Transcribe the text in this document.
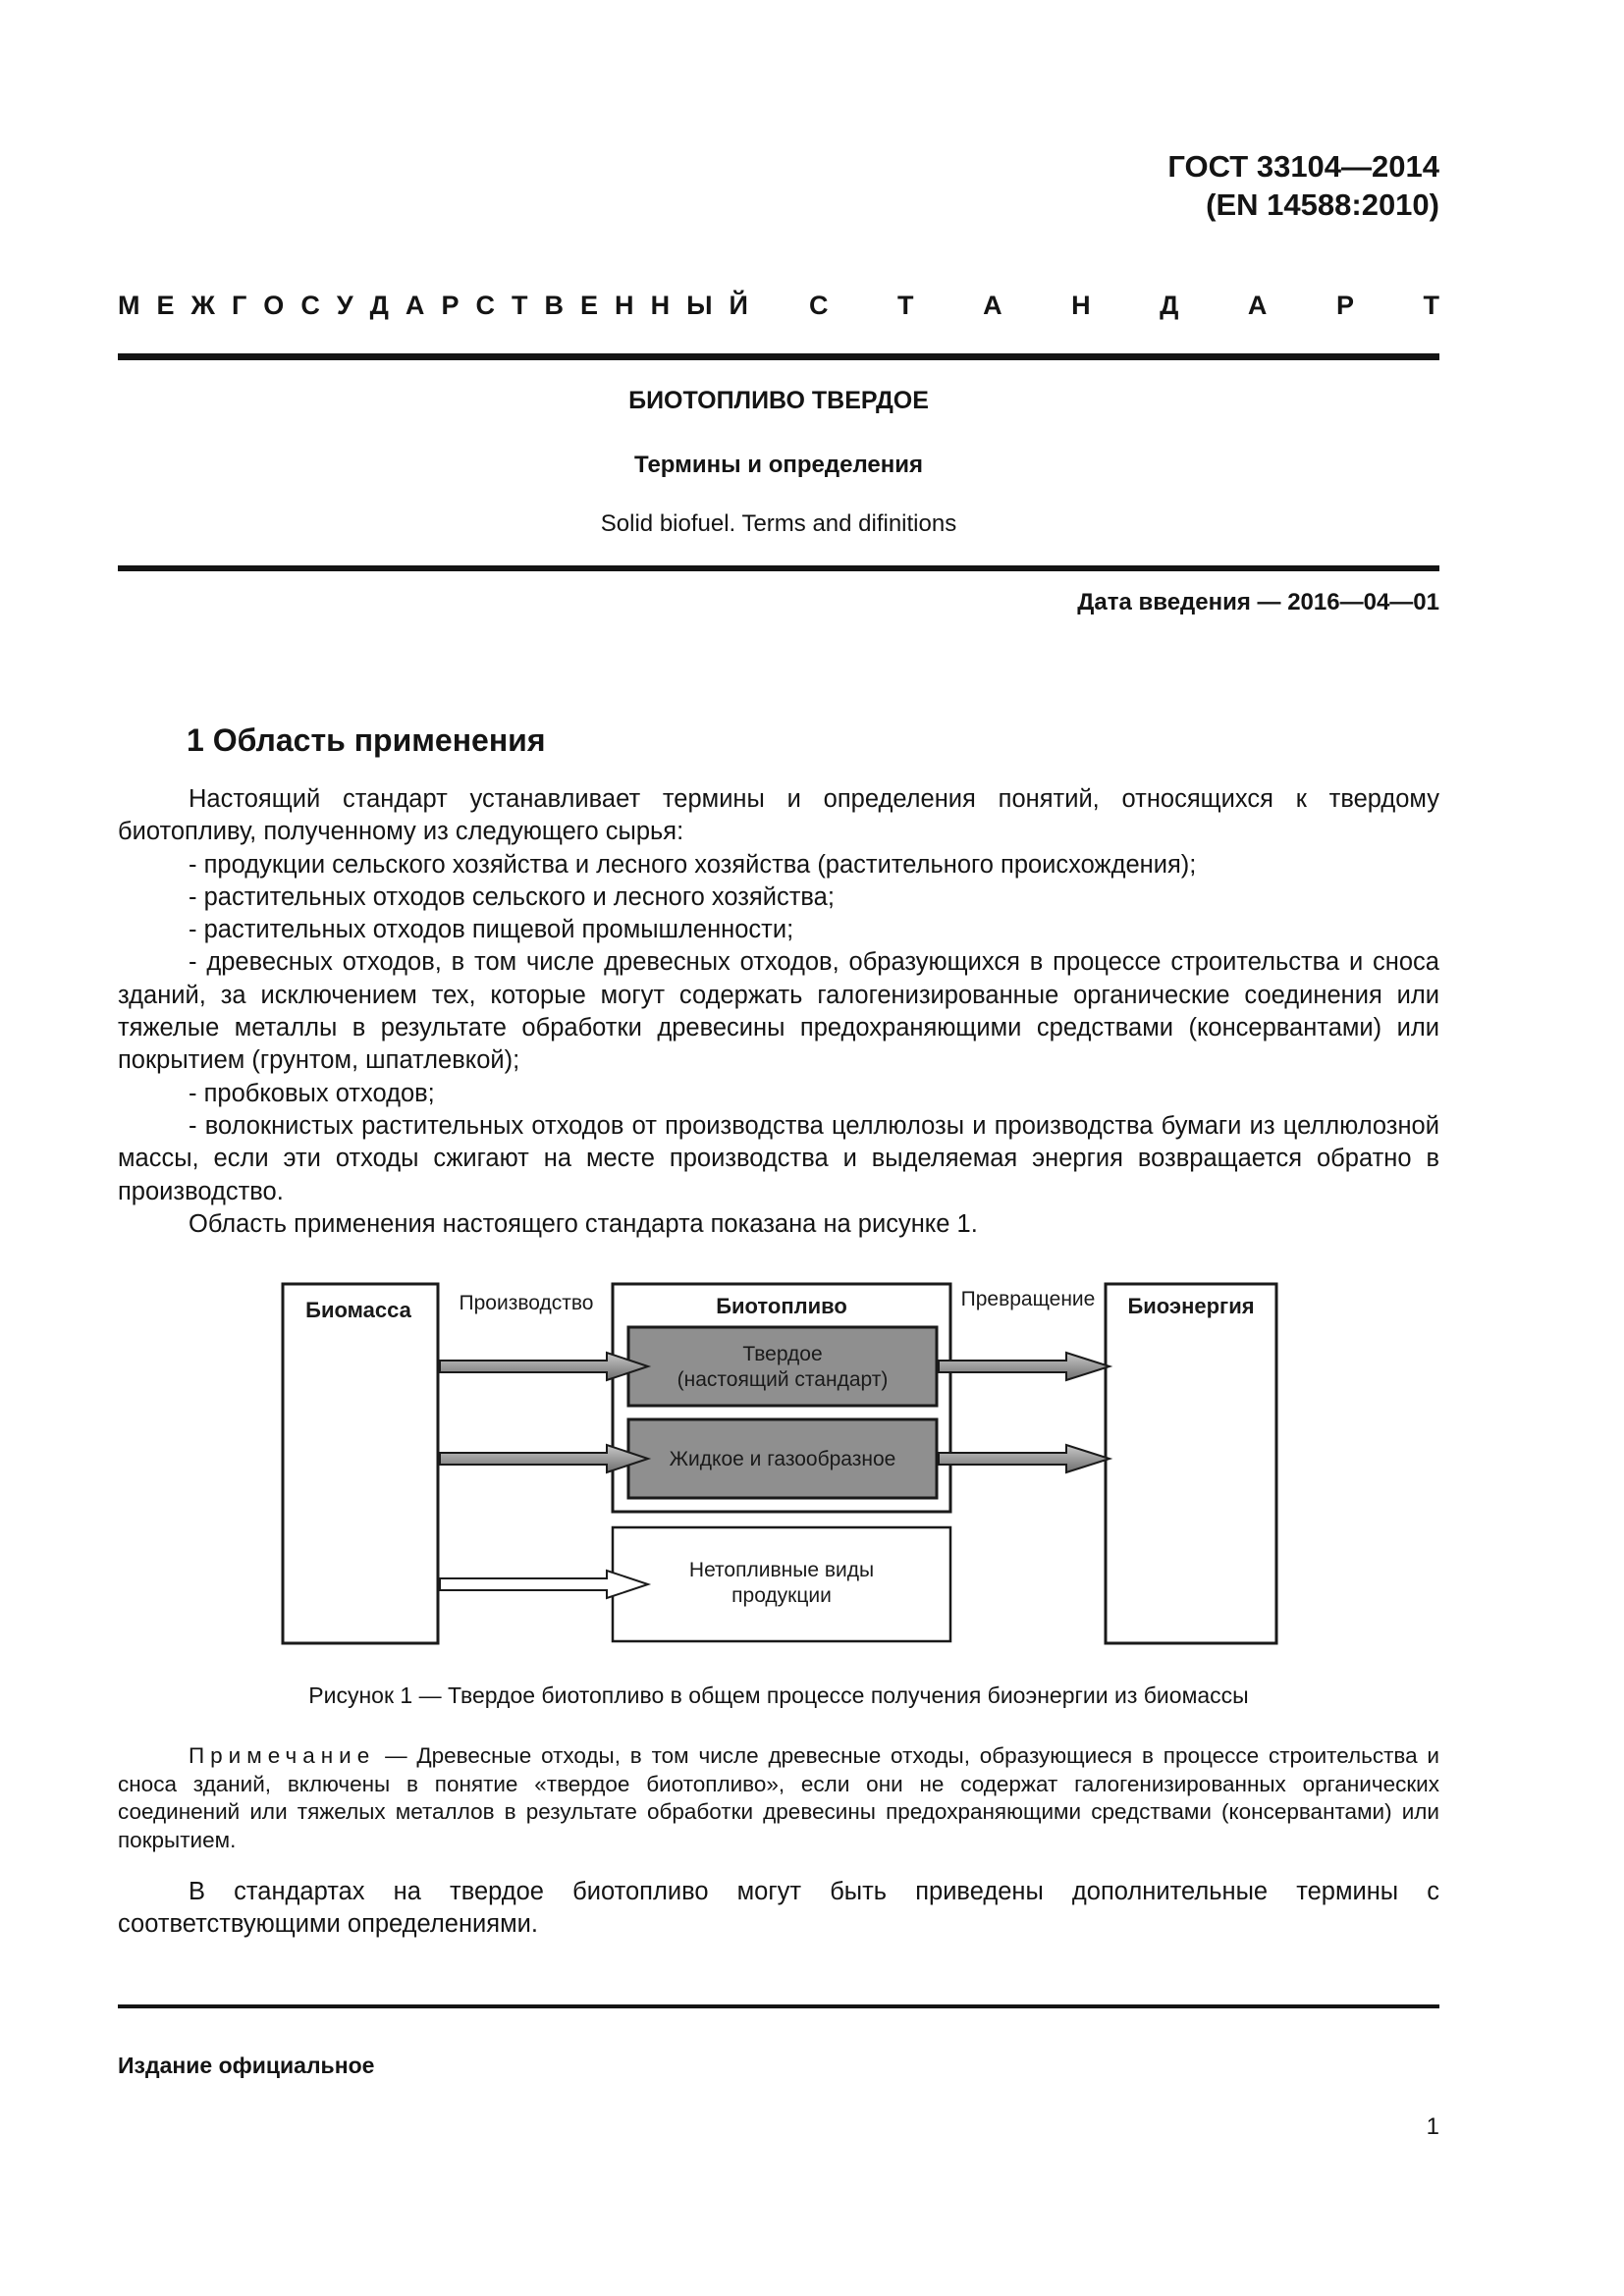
ГОСТ 33104—2014
(EN 14588:2010)
М Е Ж Г О С У Д А Р С Т В Е Н Н Ы Й С	Т	А	Н	Д	А	Р	Т
БИОТОПЛИВО ТВЕРДОЕ
Термины и определения
Solid biofuel. Terms and difinitions
Дата введения — 2016—04—01
1 Область применения

Настоящий стандарт устанавливает термины и определения понятий, относящихся к твердому биотопливу, полученному из следующего сырья:

- продукции сельского хозяйства и лесного хозяйства (растительного происхождения);

- растительных отходов сельского и лесного хозяйства;

- растительных отходов пищевой промышленности;

- древесных отходов, в том числе древесных отходов, образующихся в процессе строительства и сноса зданий, за исключением тех, которые могут содержать галогенизированные органические соединения или тяжелые металлы в результате обработки древесины предохраняющими средствами (консервантами) или покрытием (грунтом, шпатлевкой);

- пробковых отходов;

- волокнистых растительных отходов от производства целлюлозы и производства бумаги из целлюлозной массы, если эти отходы сжигают на месте производства и выделяемая энергия возвращается обратно в производство.

Область применения настоящего стандарта показана на рисунке 1.

Биомасса Производство	Биотопливо
Твердое
(настоящий стандарт)
Жидкое и газообразное
Нетопливные виды
продукции
Превращение Биоэнергия
Рисунок 1 — Твердое биотопливо в общем процессе получения биоэнергии из биомассы

Примечание — Древесные отходы, в том числе древесные отходы, образующиеся в процессе строительства и сноса зданий, включены в понятие «твердое биотопливо», если они не содержат галогенизированных органических соединений или тяжелых металлов в результате обработки древесины предохраняющими средствами (консервантами) или покрытием.

В стандартах на твердое биотопливо могут быть приведены дополнительные термины с соответствующими определениями.

Издание официальное
1
